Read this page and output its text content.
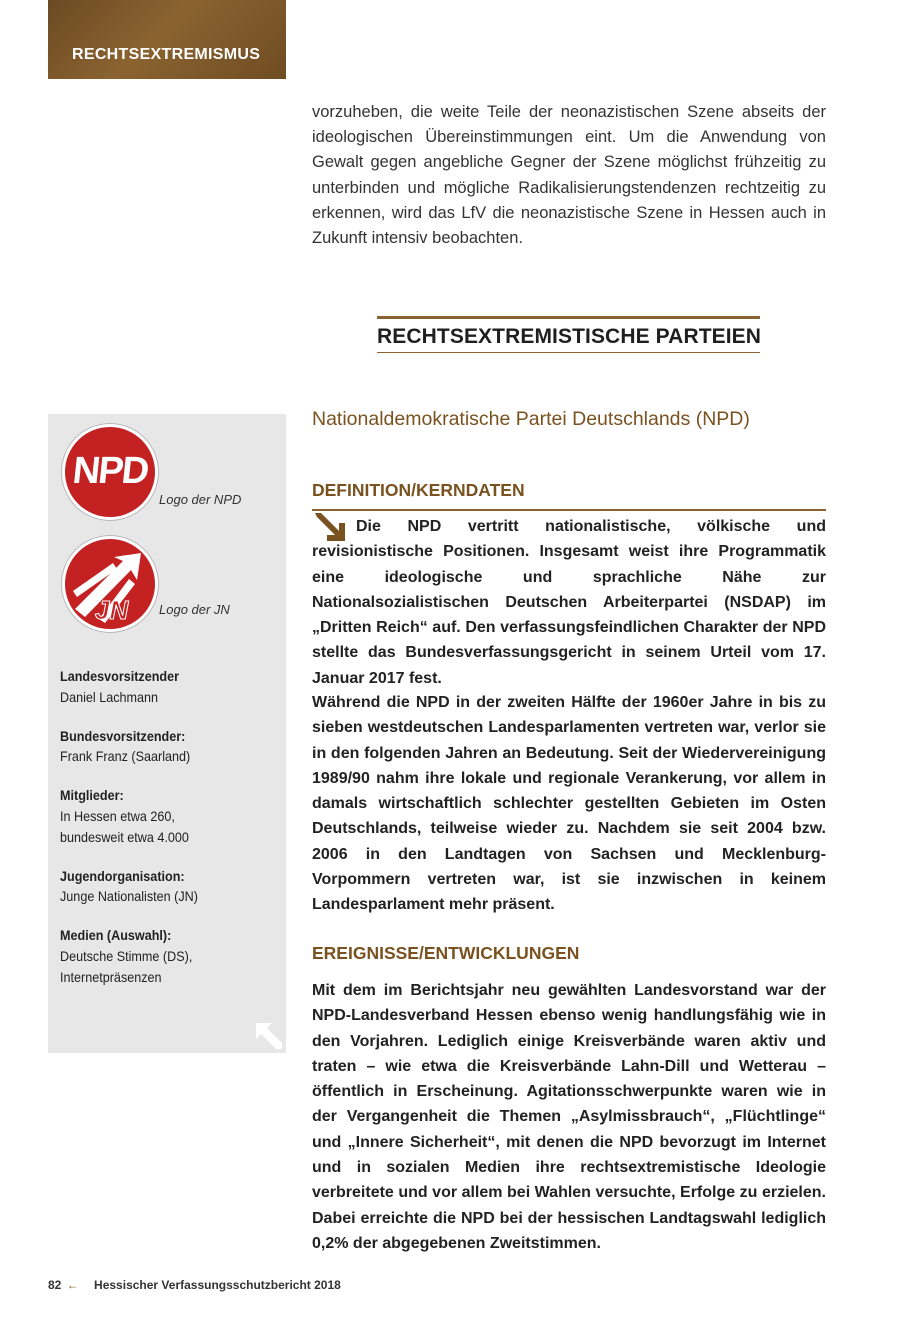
RECHTSEXTREMISMUS

vorzuheben, die weite Teile der neonazistischen Szene abseits der ideologischen Übereinstimmungen eint. Um die Anwendung von Gewalt gegen angebliche Gegner der Szene möglichst frühzeitig zu unterbinden und mögliche Radikalisierungstendenzen rechtzeitig zu erkennen, wird das LfV die neonazistische Szene in Hessen auch in Zukunft intensiv beobachten.

RECHTSEXTREMISTISCHE PARTEIEN
NPD
Logo der NPD
JN Logo der JN
Landesvorsitzender
Daniel Lachmann
Bundesvorsitzender:
Frank Franz (Saarland)
Mitglieder:
In Hessen etwa 260,
bundesweit etwa 4.000
Jugendorganisation:
Junge Nationalisten (JN)
Medien (Auswahl):
Deutsche Stimme (DS),
Internetpräsenzen
Nationaldemokratische Partei Deutschlands (NPD)
DEFINITION/KERNDATEN

Die NPD vertritt nationalistische, völkische und revisionistische Positionen. Insgesamt weist ihre Programmatik eine ideologische und sprachliche Nähe zur Nationalsozialistischen Deutschen Arbeiterpartei (NSDAP) im „Dritten Reich“ auf. Den verfassungsfeindlichen Charakter der NPD stellte das Bundesverfassungsgericht in seinem Urteil vom 17. Januar 2017 fest.

Während die NPD in der zweiten Hälfte der 1960er Jahre in bis zu sieben westdeutschen Landesparlamenten vertreten war, verlor sie in den folgenden Jahren an Bedeutung. Seit der Wiedervereinigung 1989/90 nahm ihre lokale und regionale Verankerung, vor allem in damals wirtschaftlich schlechter gestellten Gebieten im Osten Deutschlands, teilweise wieder zu. Nachdem sie seit 2004 bzw. 2006 in den Landtagen von Sachsen und Mecklenburg-Vorpommern vertreten war, ist sie inzwischen in keinem Landesparlament mehr präsent.

EREIGNISSE/ENTWICKLUNGEN

Mit dem im Berichtsjahr neu gewählten Landesvorstand war der NPD-Landesverband Hessen ebenso wenig handlungsfähig wie in den Vorjahren. Lediglich einige Kreisverbände waren aktiv und traten – wie etwa die Kreisverbände Lahn-Dill und Wetterau – öffentlich in Erscheinung. Agitationsschwerpunkte waren wie in der Vergangenheit die Themen „Asylmissbrauch“, „Flüchtlinge“ und „Innere Sicherheit“, mit denen die NPD bevorzugt im Internet und in sozialen Medien ihre rechtsextremistische Ideologie verbreitete und vor allem bei Wahlen versuchte, Erfolge zu erzielen. Dabei erreichte die NPD bei der hessischen Landtagswahl lediglich 0,2% der abgegebenen Zweitstimmen.

82 ← Hessischer Verfassungsschutzbericht 2018
